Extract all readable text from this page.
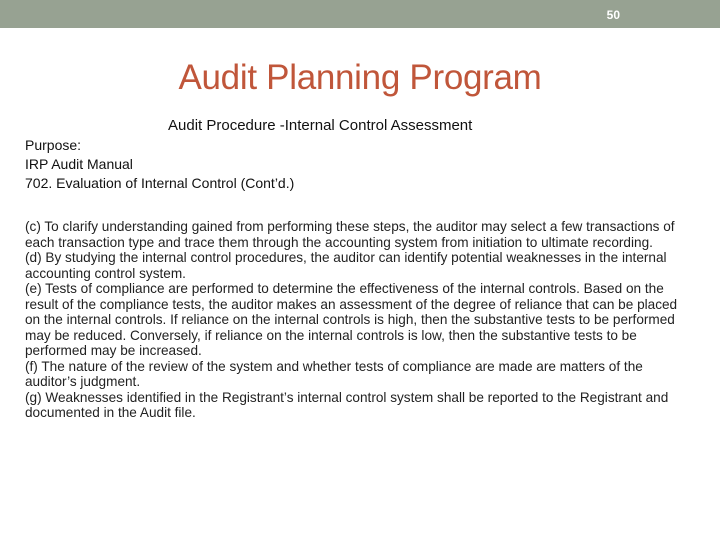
50
Audit Planning Program
Audit Procedure -Internal Control Assessment
Purpose:
IRP Audit Manual
702. Evaluation of Internal Control (Cont’d.)

(c) To clarify understanding gained from performing these steps, the auditor may select a few transactions of each transaction type and trace them through the accounting system from initiation to ultimate recording.

(d) By studying the internal control procedures, the auditor can identify potential weaknesses in the internal accounting control system.

(e) Tests of compliance are performed to determine the effectiveness of the internal controls. Based on the result of the compliance tests, the auditor makes an assessment of the degree of reliance that can be placed on the internal controls. If reliance on the internal controls is high, then the substantive tests to be performed may be reduced. Conversely, if reliance on the internal controls is low, then the substantive tests to be performed may be increased.

(f) The nature of the review of the system and whether tests of compliance are made are matters of the auditor’s judgment.

(g) Weaknesses identified in the Registrant’s internal control system shall be reported to the Registrant and documented in the Audit file.
